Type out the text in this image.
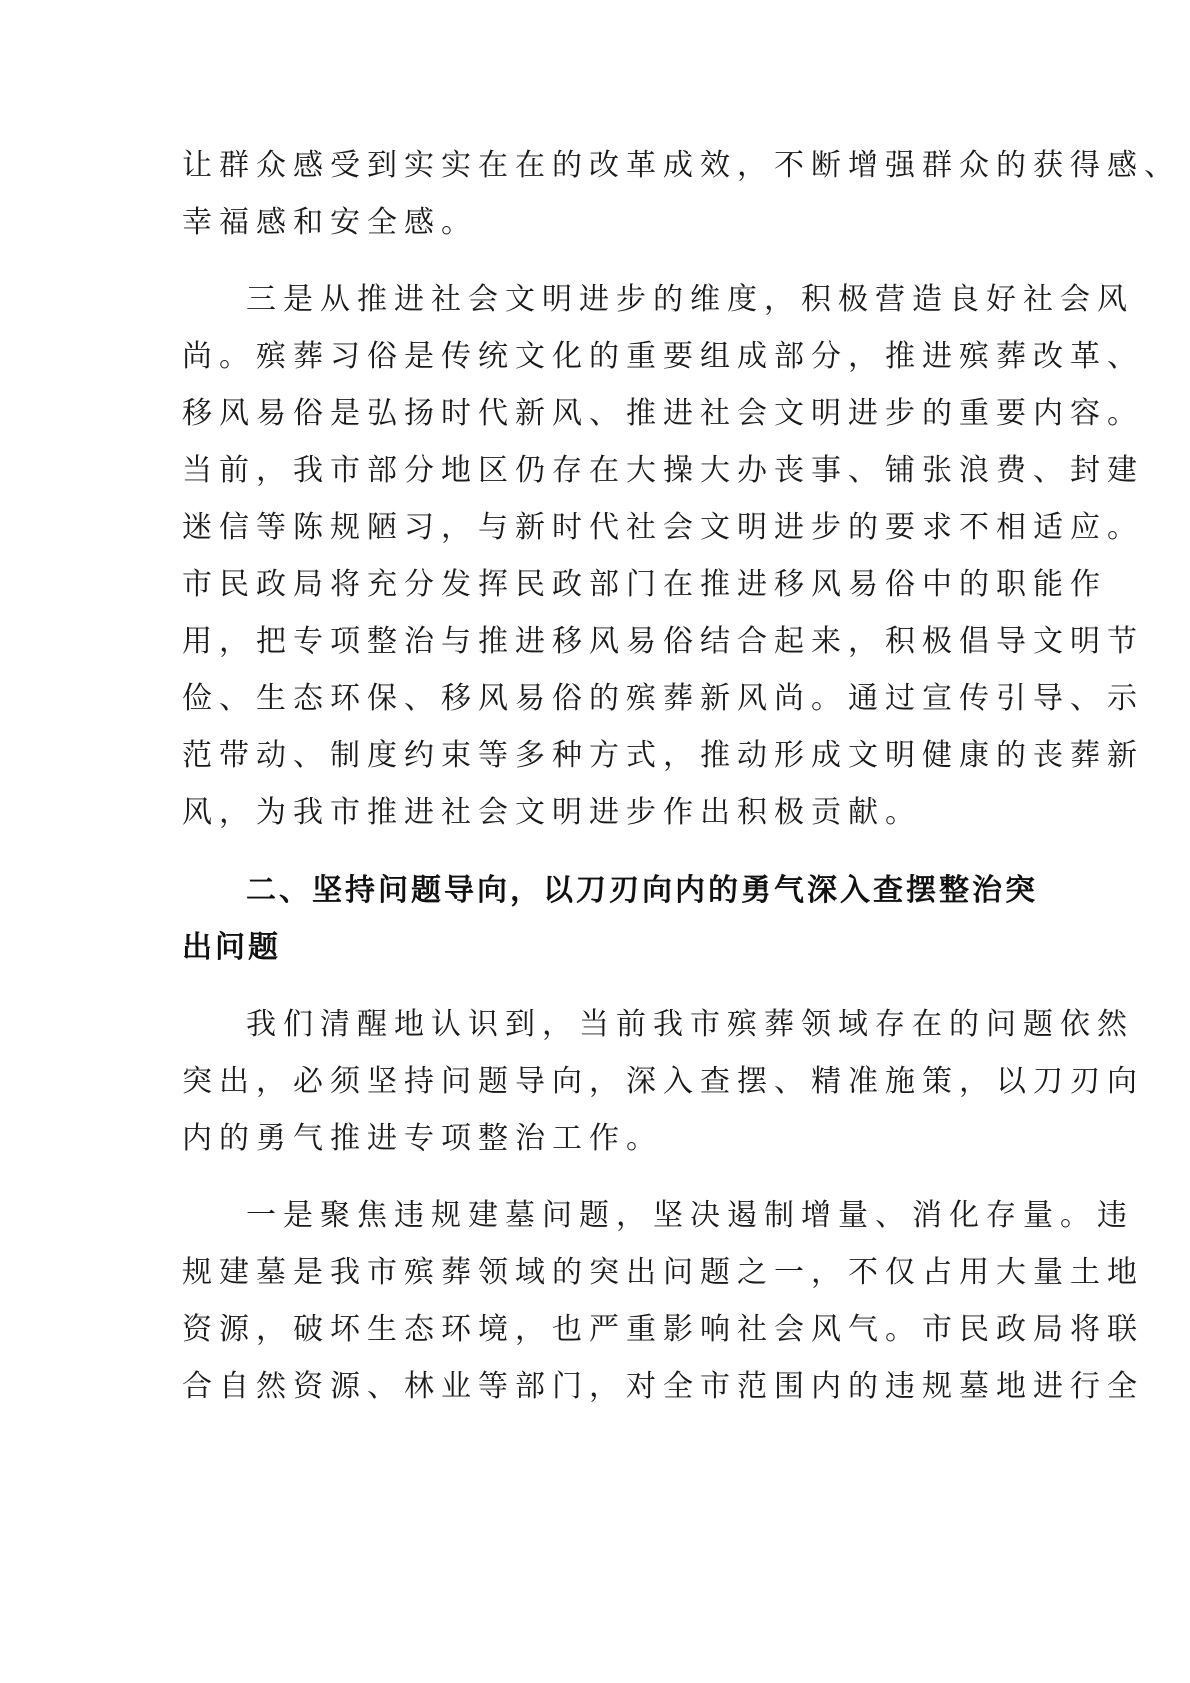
让群众感受到实实在在的改革成效，不断增强群众的获得感、
幸福感和安全感。
三是从推进社会文明进步的维度，积极营造良好社会风
尚。殡葬习俗是传统文化的重要组成部分，推进殡葬改革、
移风易俗是弘扬时代新风、推进社会文明进步的重要内容。
当前，我市部分地区仍存在大操大办丧事、铺张浪费、封建
迷信等陈规陋习，与新时代社会文明进步的要求不相适应。
市民政局将充分发挥民政部门在推进移风易俗中的职能作
用，把专项整治与推进移风易俗结合起来，积极倡导文明节
俭、生态环保、移风易俗的殡葬新风尚。通过宣传引导、示
范带动、制度约束等多种方式，推动形成文明健康的丧葬新
风，为我市推进社会文明进步作出积极贡献。
二、坚持问题导向，以刀刃向内的勇气深入查摆整治突
出问题
我们清醒地认识到，当前我市殡葬领域存在的问题依然
突出，必须坚持问题导向，深入查摆、精准施策，以刀刃向
内的勇气推进专项整治工作。
一是聚焦违规建墓问题，坚决遏制增量、消化存量。违
规建墓是我市殡葬领域的突出问题之一，不仅占用大量土地
资源，破坏生态环境，也严重影响社会风气。市民政局将联
合自然资源、林业等部门，对全市范围内的违规墓地进行全
